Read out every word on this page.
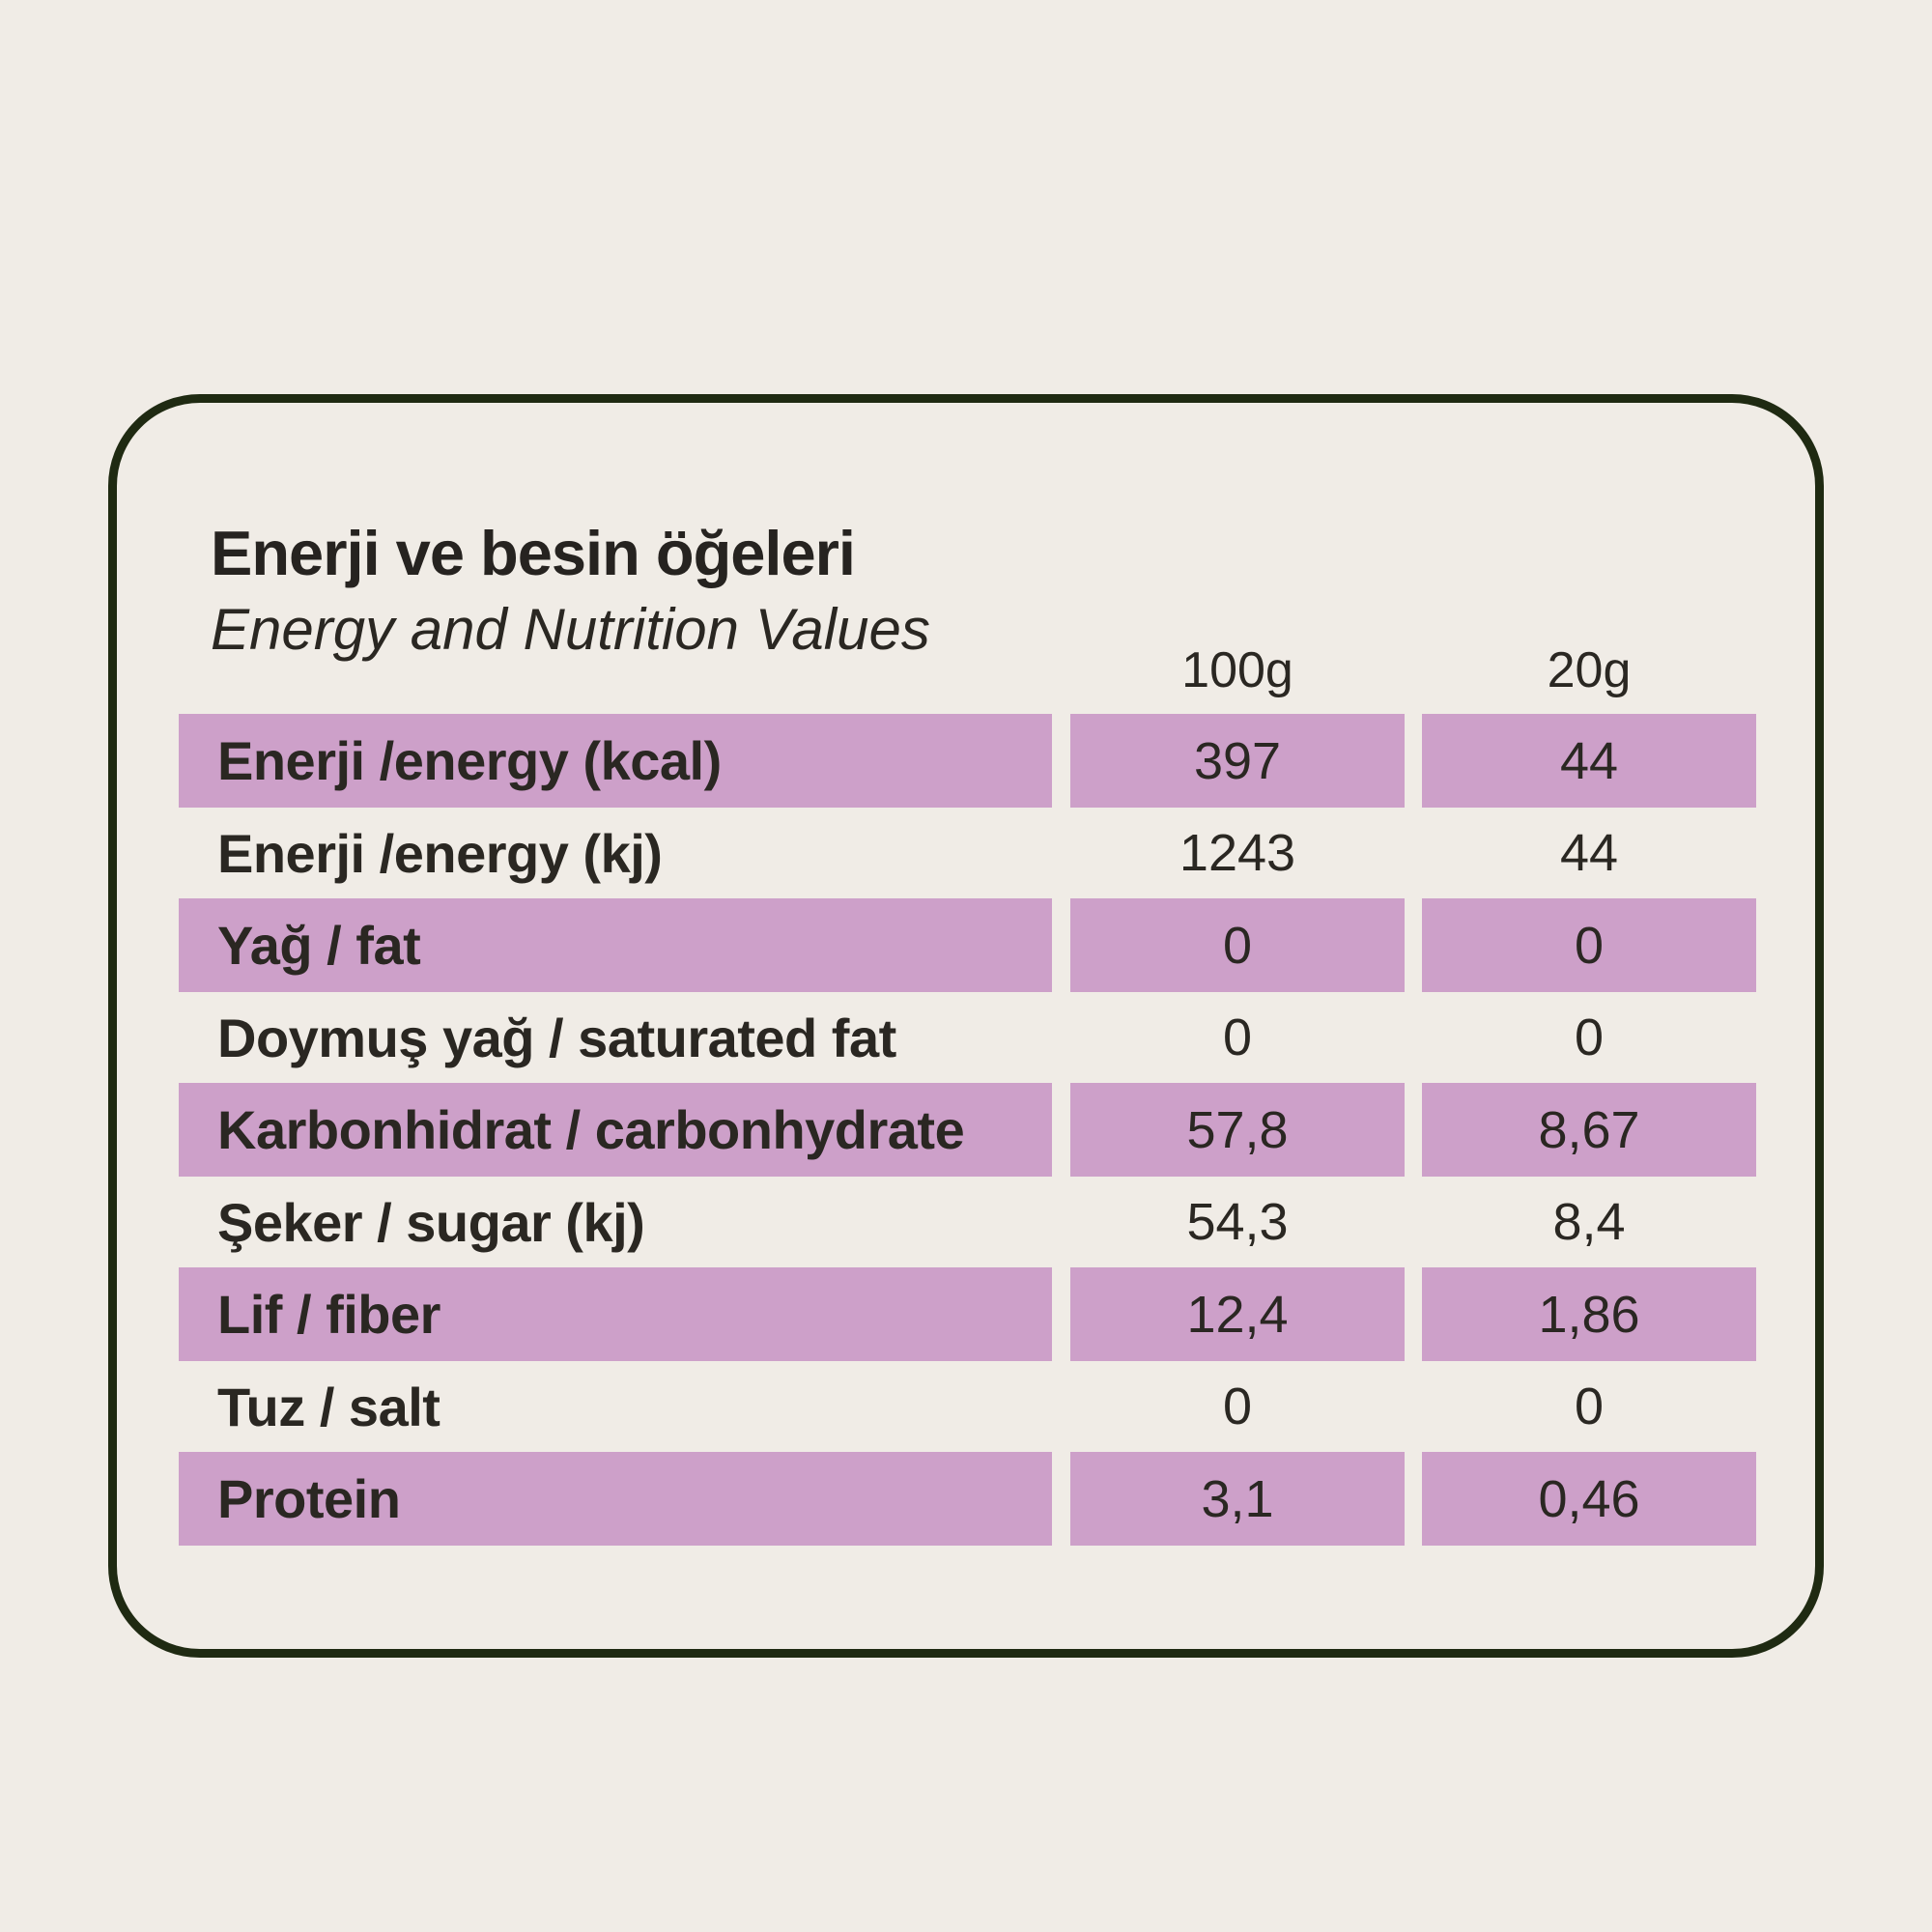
Enerji ve besin öğeleri
Energy and Nutrition Values
100g	20g
Enerji /energy (kcal)	397	44
Enerji /energy (kj)	1243	44
Yağ / fat	0	0
Doymuş yağ / saturated fat	0	0
Karbonhidrat / carbonhydrate	57,8	8,67
Şeker / sugar (kj)	54,3	8,4
Lif / fiber	12,4	1,86
Tuz / salt	0	0
Protein	3,1	0,46
